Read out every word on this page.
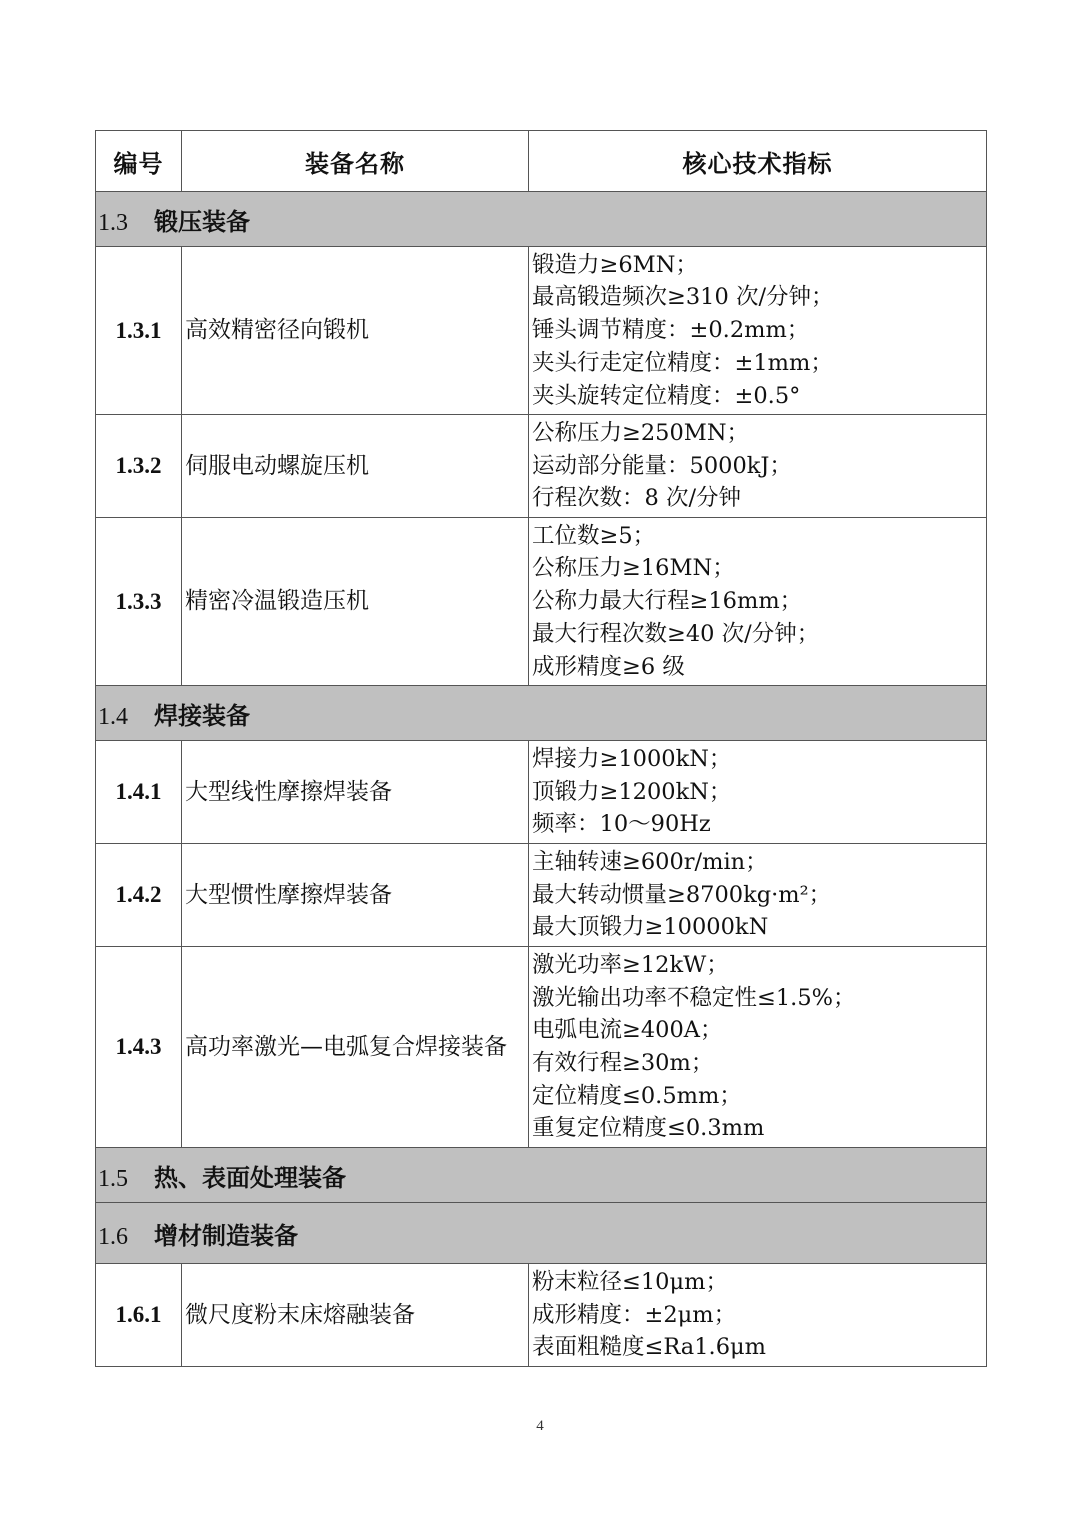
编号	装备名称	核心技术指标
1.3 锻压装备		
1.3.1	高效精密径向锻机	锻造力≥6MN；
最高锻造频次≥310 次/分钟；
锤头调节精度：±0.2mm；
夹头行走定位精度：±1mm；
夹头旋转定位精度：±0.5°

1.3.2	伺服电动螺旋压机	公称压力≥250MN；
运动部分能量：5000kJ；
行程次数：8 次/分钟

1.3.3	精密冷温锻造压机	工位数≥5；
公称压力≥16MN；
公称力最大行程≥16mm；
最大行程次数≥40 次/分钟；
成形精度≥6 级

1.4 焊接装备		
1.4.1	大型线性摩擦焊装备	焊接力≥1000kN；
顶锻力≥1200kN；
频率：10～90Hz

1.4.2	大型惯性摩擦焊装备	主轴转速≥600r/min；
最大转动惯量≥8700kg·m²；
最大顶锻力≥10000kN

1.4.3	高功率激光—电弧复合焊接装备	
激光功率≥12kW；
激光输出功率不稳定性≤1.5%；
电弧电流≥400A；
有效行程≥30m；
定位精度≤0.5mm；
重复定位精度≤0.3mm

1.5 热、表面处理装备		
1.6 增材制造装备		
1.6.1	微尺度粉末床熔融装备	粉末粒径≤10μm；
成形精度：±2μm；
表面粗糙度≤Ra1.6μm
4
